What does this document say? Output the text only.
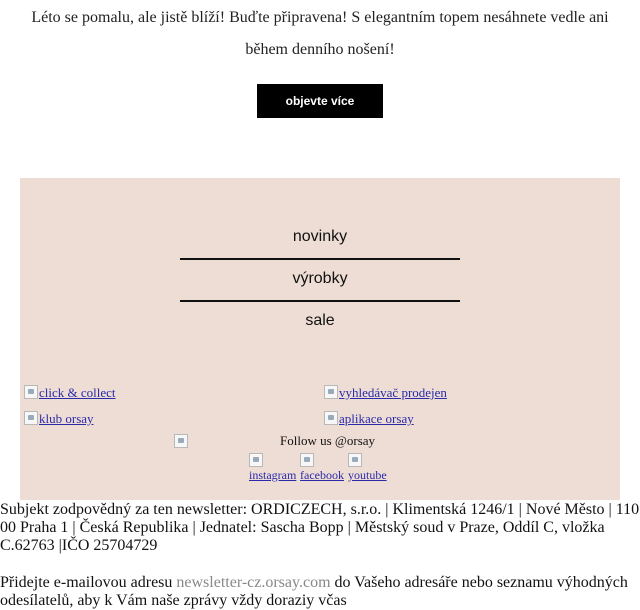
Léto se pomalu, ale jistě blíží! Buďte připravena! S elegantním topem nesáhnete vedle ani
během denního nošení!
objevte více
novinky
výrobky
sale
click & collect	vyhledávač prodejen
klub orsay	aplikace orsay
Follow us @orsay
instagram facebook youtube
Subjekt zodpovědný za ten newsletter: ORDICZECH, s.r.o. | Klimentská 1246/1 | Nové Město | 110 00 Praha 1 | Česká Republika | Jednatel: Sascha Bopp | Městský soud v Praze, Oddíl C, vložka C.62763 |IČO 25704729
Přidejte e-mailovou adresu newsletter-cz.orsay.com do Vašeho adresáře nebo seznamu výhodných odesílatelů, aby k Vám naše zprávy vždy doraziy včas
